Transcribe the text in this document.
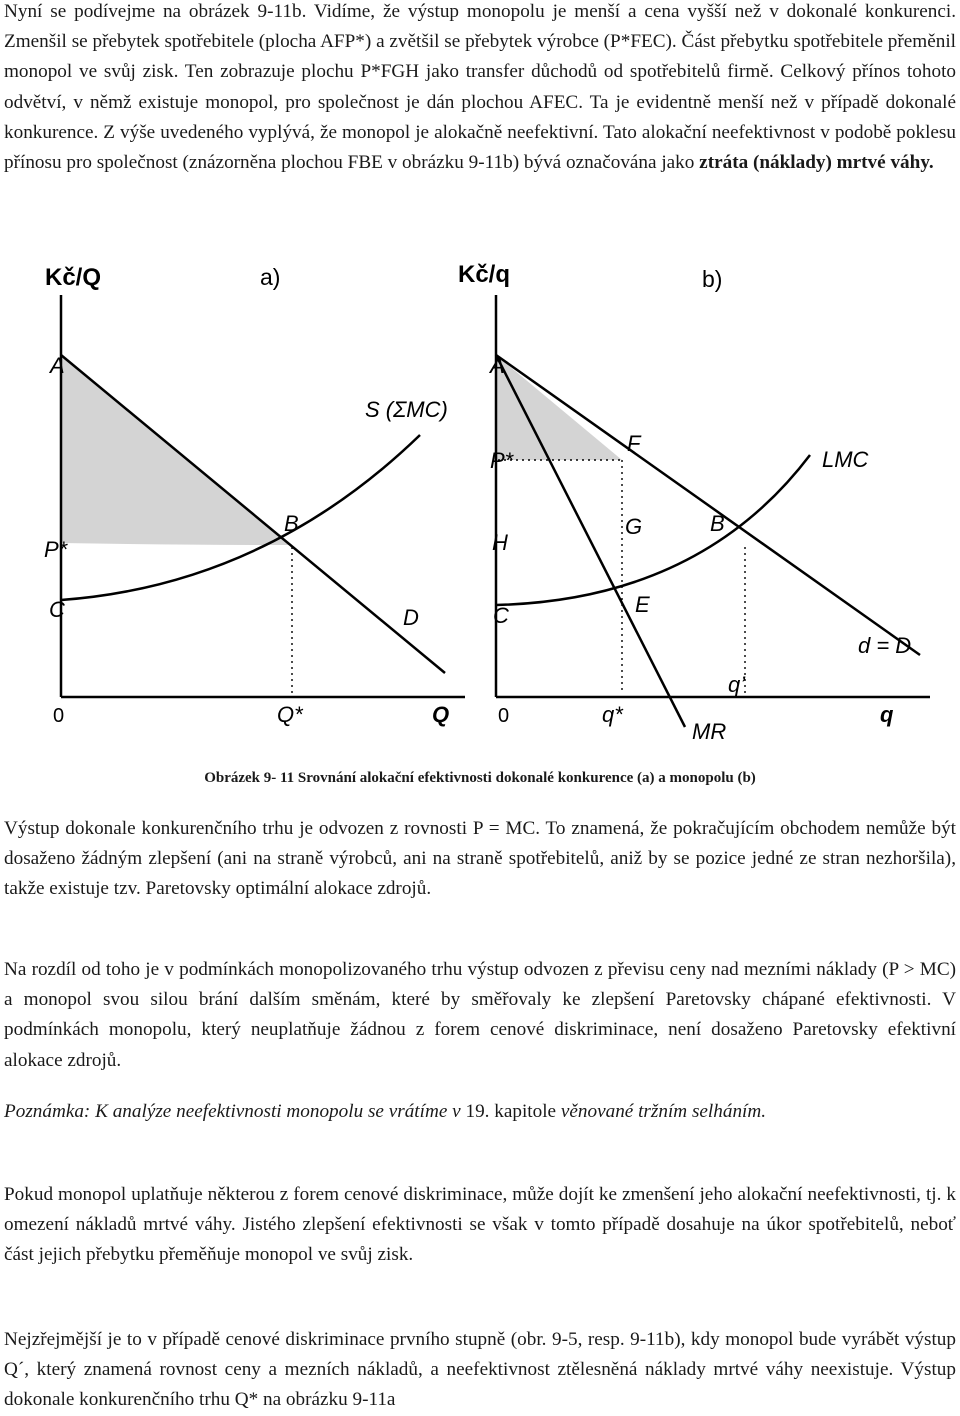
Nyní se podívejme na obrázek 9-11b. Vidíme, že výstup monopolu je menší a cena vyšší než v dokonalé konkurenci. Zmenšil se přebytek spotřebitele (plocha AFP*) a zvětšil se přebytek výrobce (P*FEC). Část přebytku spotřebitele přeměnil monopol ve svůj zisk. Ten zobrazuje plochu P*FGH jako transfer důchodů od spotřebitelů firmě. Celkový přínos tohoto odvětví, v němž existuje monopol, pro společnost je dán plochou AFEC. Ta je evidentně menší než v případě dokonalé konkurence. Z výše uvedeného vyplývá, že monopol je alokačně neefektivní. Tato alokační neefektivnost v podobě poklesu přínosu pro společnost (znázorněna plochou FBE v obrázku 9-11b) bývá označována jako ztráta (náklady) mrtvé váhy.

Kč/Q	a)
A
P*
C
0
B
D
S (ΣMC)
Q*	Q
Kč/q	b)
A
P*
H
C
0
F
G	B
E
LMC
d = D
q’
q*
MR
q

Obrázek 9- 11 Srovnání alokační efektivnosti dokonalé konkurence (a) a monopolu (b)

Výstup dokonale konkurenčního trhu je odvozen z rovnosti P = MC. To znamená, že pokračujícím obchodem nemůže být dosaženo žádným zlepšení (ani na straně výrobců, ani na straně spotřebitelů, aniž by se pozice jedné ze stran nezhoršila), takže existuje tzv. Paretovsky optimální alokace zdrojů.

Na rozdíl od toho je v podmínkách monopolizovaného trhu výstup odvozen z převisu ceny nad mezními náklady (P > MC) a monopol svou silou brání dalším směnám, které by směřovaly ke zlepšení Paretovsky chápané efektivnosti. V podmínkách monopolu, který neuplatňuje žádnou z forem cenové diskriminace, není dosaženo Paretovsky efektivní alokace zdrojů.

Poznámka: K analýze neefektivnosti monopolu se vrátíme v 19. kapitole věnované tržním selháním.

Pokud monopol uplatňuje některou z forem cenové diskriminace, může dojít ke zmenšení jeho alokační neefektivnosti, tj. k omezení nákladů mrtvé váhy. Jistého zlepšení efektivnosti se však v tomto případě dosahuje na úkor spotřebitelů, neboť část jejich přebytku přeměňuje monopol ve svůj zisk.

Nejzřejmější je to v případě cenové diskriminace prvního stupně (obr. 9-5, resp. 9-11b), kdy monopol bude vyrábět výstup Q´, který znamená rovnost ceny a mezních nákladů, a neefektivnost ztělesněná náklady mrtvé váhy neexistuje. Výstup dokonale konkurenčního trhu Q* na obrázku 9-11a
